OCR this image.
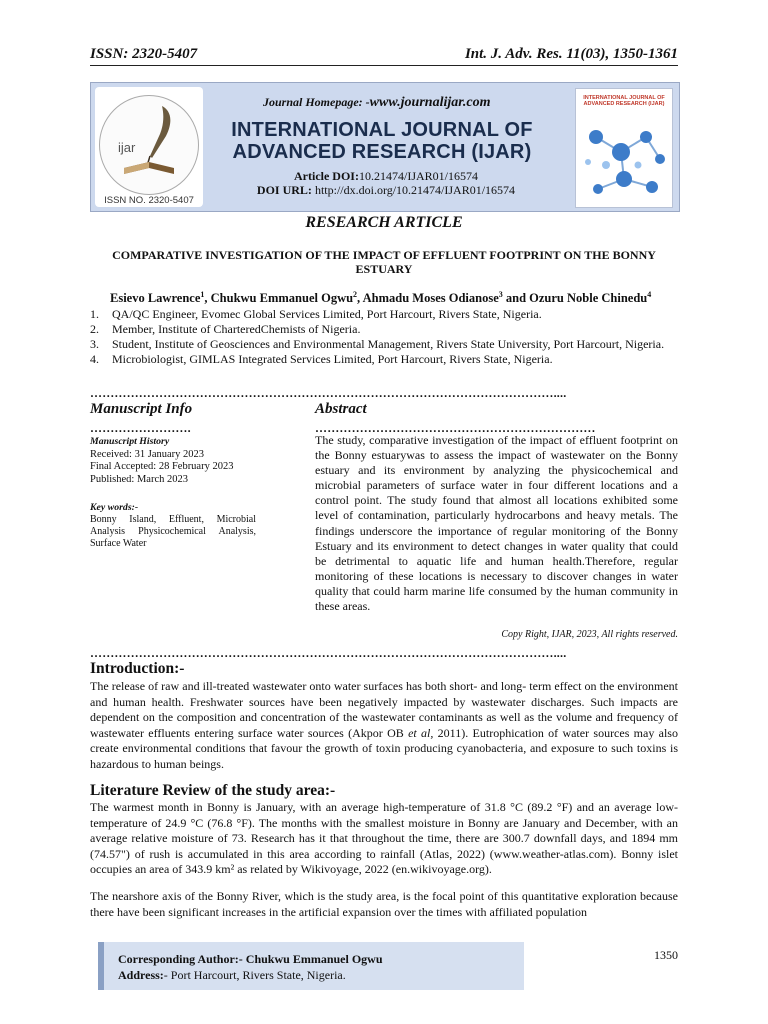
ISSN: 2320-5407	Int. J. Adv. Res. 11(03), 1350-1361
ijar
ISSN NO. 2320-5407
Journal Homepage: -www.journalijar.com
INTERNATIONAL JOURNAL OF
ADVANCED RESEARCH (IJAR)
Article DOI:10.21474/IJAR01/16574
DOI URL: http://dx.doi.org/10.21474/IJAR01/16574
INTERNATIONAL JOURNAL OF ADVANCED RESEARCH (IJAR)
RESEARCH ARTICLE
COMPARATIVE INVESTIGATION OF THE IMPACT OF EFFLUENT FOOTPRINT ON THE BONNY ESTUARY
Esievo Lawrence$^1$, Chukwu Emmanuel Ogwu$^2$, Ahmadu Moses Odianose$^3$ and Ozuru Noble Chinedu$^4$
1. QA/QC Engineer, Evomec Global Services Limited, Port Harcourt, Rivers State, Nigeria.
2. Member, Institute of CharteredChemists of Nigeria.
3. Student, Institute of Geosciences and Environmental Management, Rivers State University, Port Harcourt, Nigeria.
4. Microbiologist, GIMLAS Integrated Services Limited, Port Harcourt, Rivers State, Nigeria.
……………………………………………………………………………………………………....
Manuscript Info
…………………….
Manuscript History
Received: 31 January 2023
Final Accepted: 28 February 2023
Published: March 2023
Key words:-
Bonny Island, Effluent, Microbial Analysis Physicochemical Analysis, Surface Water
Abstract
……………………………………………………………
The study, comparative investigation of the impact of effluent footprint on the Bonny estuarywas to assess the impact of wastewater on the Bonny estuary and its environment by analyzing the physicochemical and microbial parameters of surface water in four different locations and a control point. The study found that almost all locations exhibited some level of contamination, particularly hydrocarbons and heavy metals. The findings underscore the importance of regular monitoring of the Bonny Estuary and its environment to detect changes in water quality that could be detrimental to aquatic life and human health.Therefore, regular monitoring of these locations is necessary to discover changes in water quality that could harm marine life consumed by the human community in these areas.
Copy Right, IJAR, 2023, All rights reserved.
……………………………………………………………………………………………………....
Introduction:-

The release of raw and ill-treated wastewater onto water surfaces has both short- and long- term effect on the environment and human health. Freshwater sources have been negatively impacted by wastewater discharges. Such impacts are dependent on the composition and concentration of the wastewater contaminants as well as the volume and frequency of wastewater effluents entering surface water sources (Akpor OB et al, 2011). Eutrophication of water sources may also create environmental conditions that favour the growth of toxin producing cyanobacteria, and exposure to such toxins is hazardous to human beings.

Literature Review of the study area:-

The warmest month in Bonny is January, with an average high-temperature of 31.8 °C (89.2 °F) and an average low-temperature of 24.9 °C (76.8 °F). The months with the smallest moisture in Bonny are January and December, with an average relative moisture of 73. Research has it that throughout the time, there are 300.7 downfall days, and 1894 mm (74.57") of rush is accumulated in this area according to rainfall (Atlas, 2022) (www.weather-atlas.com). Bonny islet occupies an area of 343.9 km² as related by Wikivoyage, 2022 (en.wikivoyage.org).

The nearshore axis of the Bonny River, which is the study area, is the focal point of this quantitative exploration because there have been significant increases in the artificial expansion over the times with affiliated population

Corresponding Author:- Chukwu Emmanuel Ogwu
Address:- Port Harcourt, Rivers State, Nigeria.
1350
